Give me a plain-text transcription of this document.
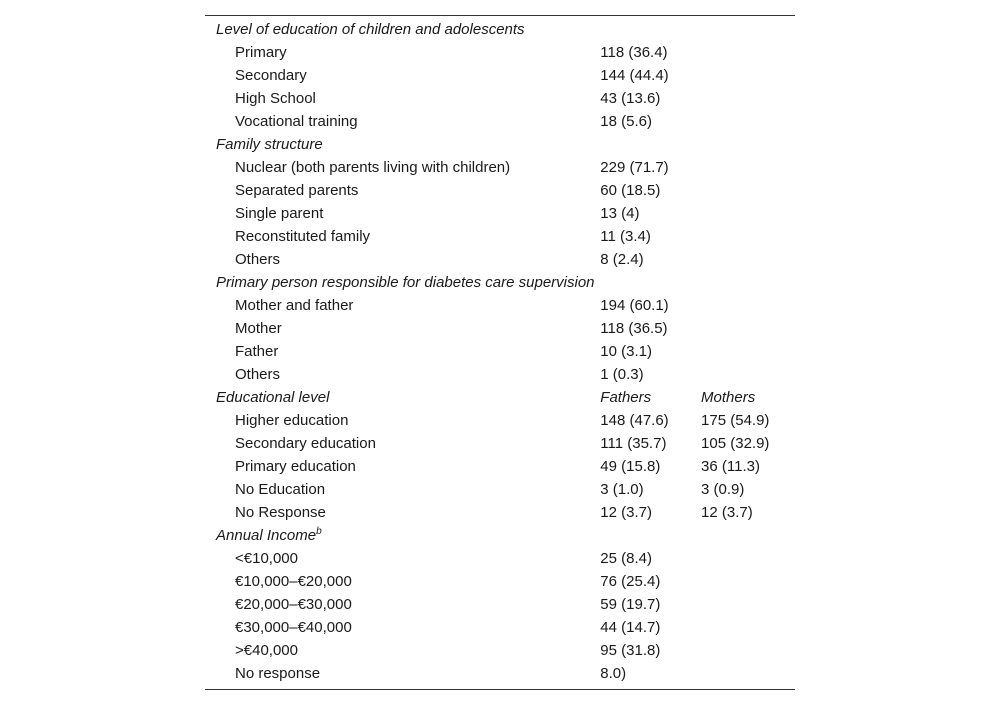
Level of education of children and adolescents		
Primary	118 (36.4)	
Secondary	144 (44.4)	
High School	43 (13.6)	
Vocational training	18 (5.6)	
Family structure		
Nuclear (both parents living with children)	229 (71.7)	
Separated parents	60 (18.5)	
Single parent	13 (4)	
Reconstituted family	11 (3.4)	
Others	8 (2.4)	
Primary person responsible for diabetes care supervision		
Mother and father	194 (60.1)	
Mother	118 (36.5)	
Father	10 (3.1)	
Others	1 (0.3)	
Educational level	Fathers	Mothers
Higher education	148 (47.6)	175 (54.9)
Secondary education	111 (35.7)	105 (32.9)
Primary education	49 (15.8)	36 (11.3)
No Education	3 (1.0)	3 (0.9)
No Response	12 (3.7)	12 (3.7)
Annual Income$^b$		
<€10,000	25 (8.4)	
€10,000–€20,000	76 (25.4)	
€20,000–€30,000	59 (19.7)	
€30,000–€40,000	44 (14.7)	
>€40,000	95 (31.8)	
No response	8.0)	
